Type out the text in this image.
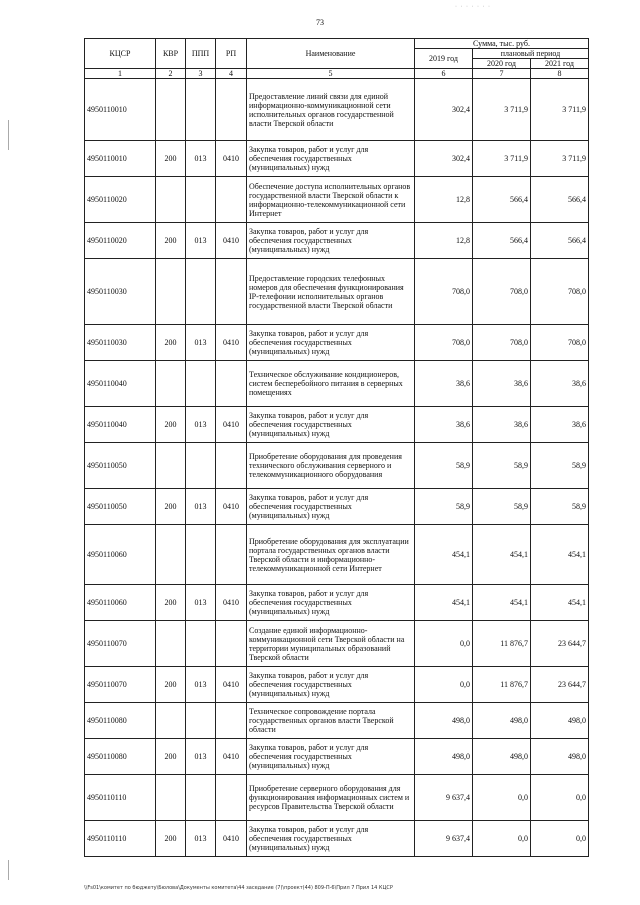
· · · · · · ·
73
КЦСР	КВР	ППП	РП	Наименование	Сумма, тыс. руб.		
					2019 год	плановый период	
						2020 год	2021 год
1	2	3	4	5	6	7	8
4950110010				Предоставление линий связи для единой информационно-коммуникационной сети исполнительных органов государственной власти Тверской области	302,4	3 711,9	3 711,9
4950110010	200	013	0410	Закупка товаров, работ и услуг для обеспечения государственных (муниципальных) нужд	302,4	3 711,9	3 711,9
4950110020				Обеспечение доступа исполнительных органов государственной власти Тверской области к информационно-телекоммуникационной сети Интернет	12,8	566,4	566,4
4950110020	200	013	0410	Закупка товаров, работ и услуг для обеспечения государственных (муниципальных) нужд	12,8	566,4	566,4
4950110030				Предоставление городских телефонных номеров для обеспечения функционирования IP-телефонии исполнительных органов государственной власти Тверской области	708,0	708,0	708,0
4950110030	200	013	0410	Закупка товаров, работ и услуг для обеспечения государственных (муниципальных) нужд	708,0	708,0	708,0
4950110040				Техническое обслуживание кондиционеров, систем бесперебойного питания в серверных помещениях	38,6	38,6	38,6
4950110040	200	013	0410	Закупка товаров, работ и услуг для обеспечения государственных (муниципальных) нужд	38,6	38,6	38,6
4950110050				Приобретение оборудования для проведения технического обслуживания серверного и телекоммуникационного оборудования	58,9	58,9	58,9
4950110050	200	013	0410	Закупка товаров, работ и услуг для обеспечения государственных (муниципальных) нужд	58,9	58,9	58,9
4950110060				Приобретение оборудования для эксплуатации портала государственных органов власти Тверской области и информационно-телекоммуникационной сети Интернет	454,1	454,1	454,1
4950110060	200	013	0410	Закупка товаров, работ и услуг для обеспечения государственных (муниципальных) нужд	454,1	454,1	454,1
4950110070				Создание единой информационно-коммуникационной сети Тверской области на территории муниципальных образований Тверской области	0,0	11 876,7	23 644,7
4950110070	200	013	0410	Закупка товаров, работ и услуг для обеспечения государственных (муниципальных) нужд	0,0	11 876,7	23 644,7
4950110080				Техническое сопровождение портала государственных органов власти Тверской области	498,0	498,0	498,0
4950110080	200	013	0410	Закупка товаров, работ и услуг для обеспечения государственных (муниципальных) нужд	498,0	498,0	498,0
4950110110				Приобретение серверного оборудования для функционирования информационных систем и ресурсов Правительства Тверской области	9 637,4	0,0	0,0
4950110110	200	013	0410	Закупка товаров, работ и услуг для обеспечения государственных (муниципальных) нужд	9 637,4	0,0	0,0
\\Fs01\комитет по бюджету\Бюлова\Документы комитета\44 заседание (7)\проект(44) 809-П-6\Прил 7 Прил 14 КЦСР
